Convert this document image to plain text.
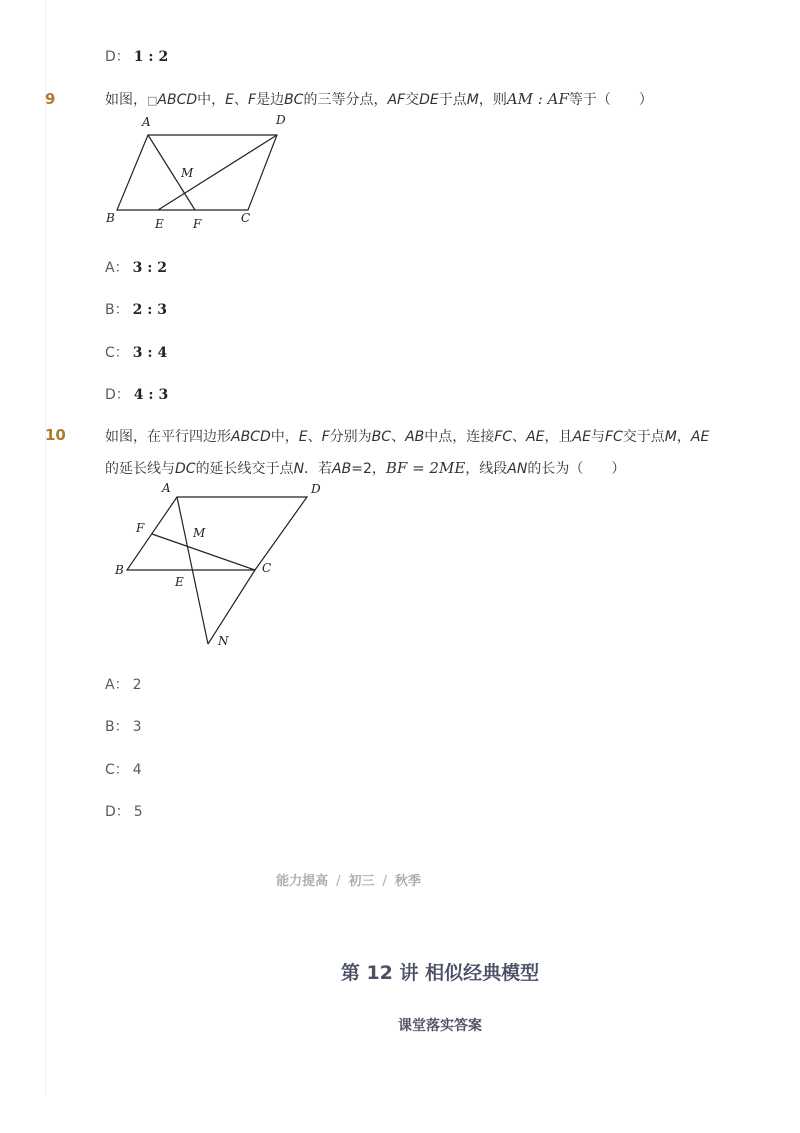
D： 1 : 2
9	如图，□ABCD中，E、F是边BC的三等分点，AF交DE于点M，则AM : AF等于（　　）
A	D
M
B	E F	C
A： 3 : 2
B： 2 : 3
C： 3 : 4
D： 4 : 3
10	如图，在平行四边形ABCD中，E、F分别为BC、AB中点，连接FC、AE，且AE与FC交于点M，AE
的延长线与DC的延长线交于点N．若AB=2，BF = 2ME，线段AN的长为（　　）
A	D
F	M
B
E
C
N
A： 2
B： 3
C： 4
D： 5
能力提高 / 初三 / 秋季
第 12 讲 相似经典模型
课堂落实答案
